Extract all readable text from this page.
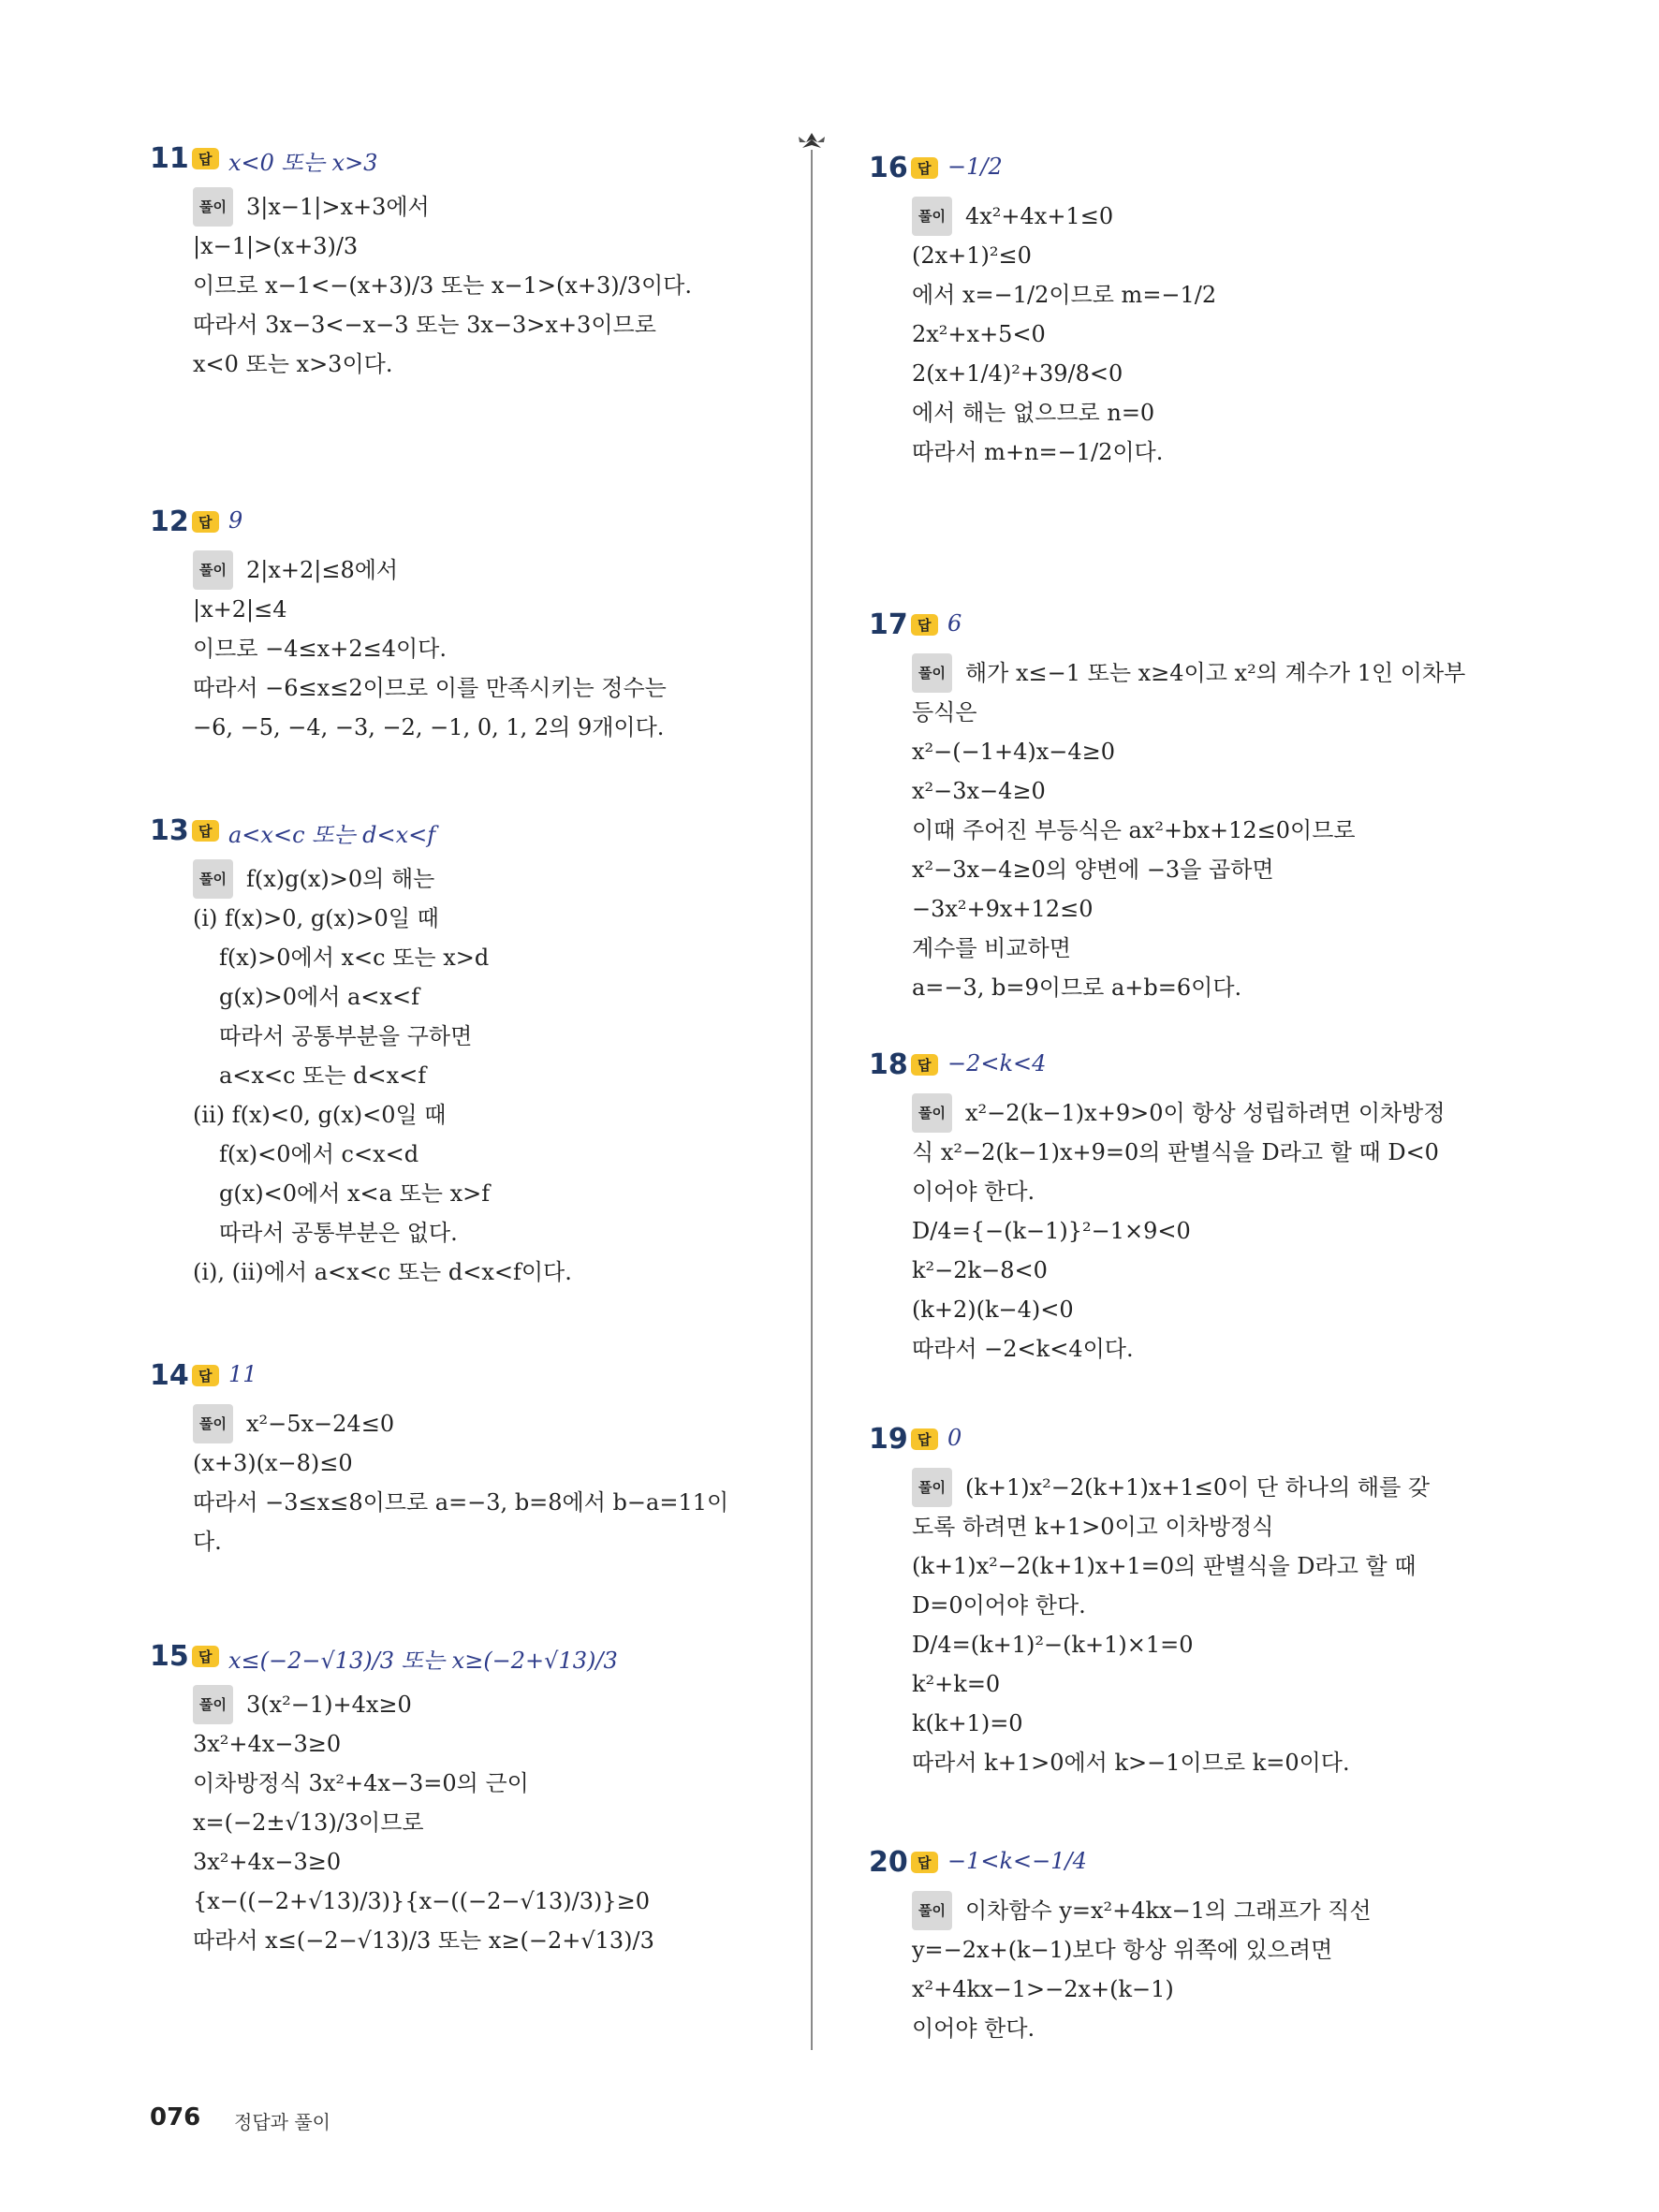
11 답 x<0 또는 x>3
풀이 3|x−1|>x+3에서
|x−1|>(x+3)/3
이므로 x−1<−(x+3)/3 또는 x−1>(x+3)/3이다.
따라서 3x−3<−x−3 또는 3x−3>x+3이므로
x<0 또는 x>3이다.
12 답 9
풀이 2|x+2|≤8에서
|x+2|≤4
이므로 −4≤x+2≤4이다.
따라서 −6≤x≤2이므로 이를 만족시키는 정수는
−6, −5, −4, −3, −2, −1, 0, 1, 2의 9개이다.
13 답 a<x<c 또는 d<x<f
풀이 f(x)g(x)>0의 해는
(ⅰ) f(x)>0, g(x)>0일 때
f(x)>0에서 x<c 또는 x>d
g(x)>0에서 a<x<f
따라서 공통부분을 구하면
a<x<c 또는 d<x<f
(ⅱ) f(x)<0, g(x)<0일 때
f(x)<0에서 c<x<d
g(x)<0에서 x<a 또는 x>f
따라서 공통부분은 없다.
(ⅰ), (ⅱ)에서 a<x<c 또는 d<x<f이다.
14 답 11
풀이 x²−5x−24≤0
(x+3)(x−8)≤0
따라서 −3≤x≤8이므로 a=−3, b=8에서 b−a=11이
다.
15 답 x≤(−2−√13)/3 또는 x≥(−2+√13)/3
풀이 3(x²−1)+4x≥0
3x²+4x−3≥0
이차방정식 3x²+4x−3=0의 근이
x=(−2±√13)/3이므로
3x²+4x−3≥0
{x−((−2+√13)/3)}{x−((−2−√13)/3)}≥0
따라서 x≤(−2−√13)/3 또는 x≥(−2+√13)/3
16 답 −1/2
풀이 4x²+4x+1≤0
(2x+1)²≤0
에서 x=−1/2이므로 m=−1/2
2x²+x+5<0
2(x+1/4)²+39/8<0
에서 해는 없으므로 n=0
따라서 m+n=−1/2이다.
17 답 6
풀이 해가 x≤−1 또는 x≥4이고 x²의 계수가 1인 이차부
등식은
x²−(−1+4)x−4≥0
x²−3x−4≥0
이때 주어진 부등식은 ax²+bx+12≤0이므로
x²−3x−4≥0의 양변에 −3을 곱하면
−3x²+9x+12≤0
계수를 비교하면
a=−3, b=9이므로 a+b=6이다.
18 답 −2<k<4
풀이 x²−2(k−1)x+9>0이 항상 성립하려면 이차방정
식 x²−2(k−1)x+9=0의 판별식을 D라고 할 때 D<0
이어야 한다.
D/4={−(k−1)}²−1×9<0
k²−2k−8<0
(k+2)(k−4)<0
따라서 −2<k<4이다.
19 답 0
풀이 (k+1)x²−2(k+1)x+1≤0이 단 하나의 해를 갖
도록 하려면 k+1>0이고 이차방정식
(k+1)x²−2(k+1)x+1=0의 판별식을 D라고 할 때
D=0이어야 한다.
D/4=(k+1)²−(k+1)×1=0
k²+k=0
k(k+1)=0
따라서 k+1>0에서 k>−1이므로 k=0이다.
20 답 −1<k<−1/4
풀이 이차함수 y=x²+4kx−1의 그래프가 직선
y=−2x+(k−1)보다 항상 위쪽에 있으려면
x²+4kx−1>−2x+(k−1)
이어야 한다.
076 정답과 풀이
